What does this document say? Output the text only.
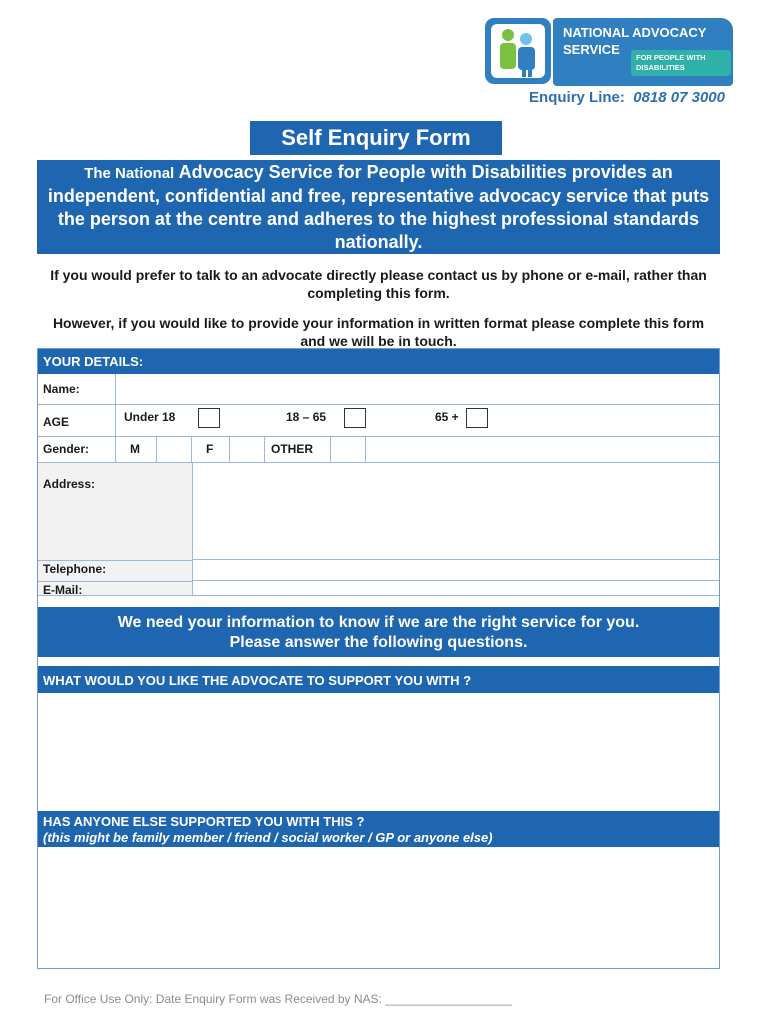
NATIONAL ADVOCACY
SERVICE
FOR PEOPLE WITH
DISABILITIES
Enquiry Line: 0818 07 3000
Self Enquiry Form
The National Advocacy Service for People with Disabilities provides an independent, confidential and free, representative advocacy service that puts the person at the centre and adheres to the highest professional standards nationally.
If you would prefer to talk to an advocate directly please contact us by phone or e-mail, rather than completing this form.
However, if you would like to provide your information in written format please complete this form and we will be in touch.
YOUR DETAILS:
Name:
AGE	Under 18	18 – 65	65 +
Gender:	M	F	OTHER
Address:
Telephone:
E-Mail:
We need your information to know if we are the right service for you.
Please answer the following questions.
WHAT WOULD YOU LIKE THE ADVOCATE TO SUPPORT YOU WITH ?
HAS ANYONE ELSE SUPPORTED YOU WITH THIS ?
(this might be family member / friend / social worker / GP or anyone else)
For Office Use Only: Date Enquiry Form was Received by NAS: ___________________
